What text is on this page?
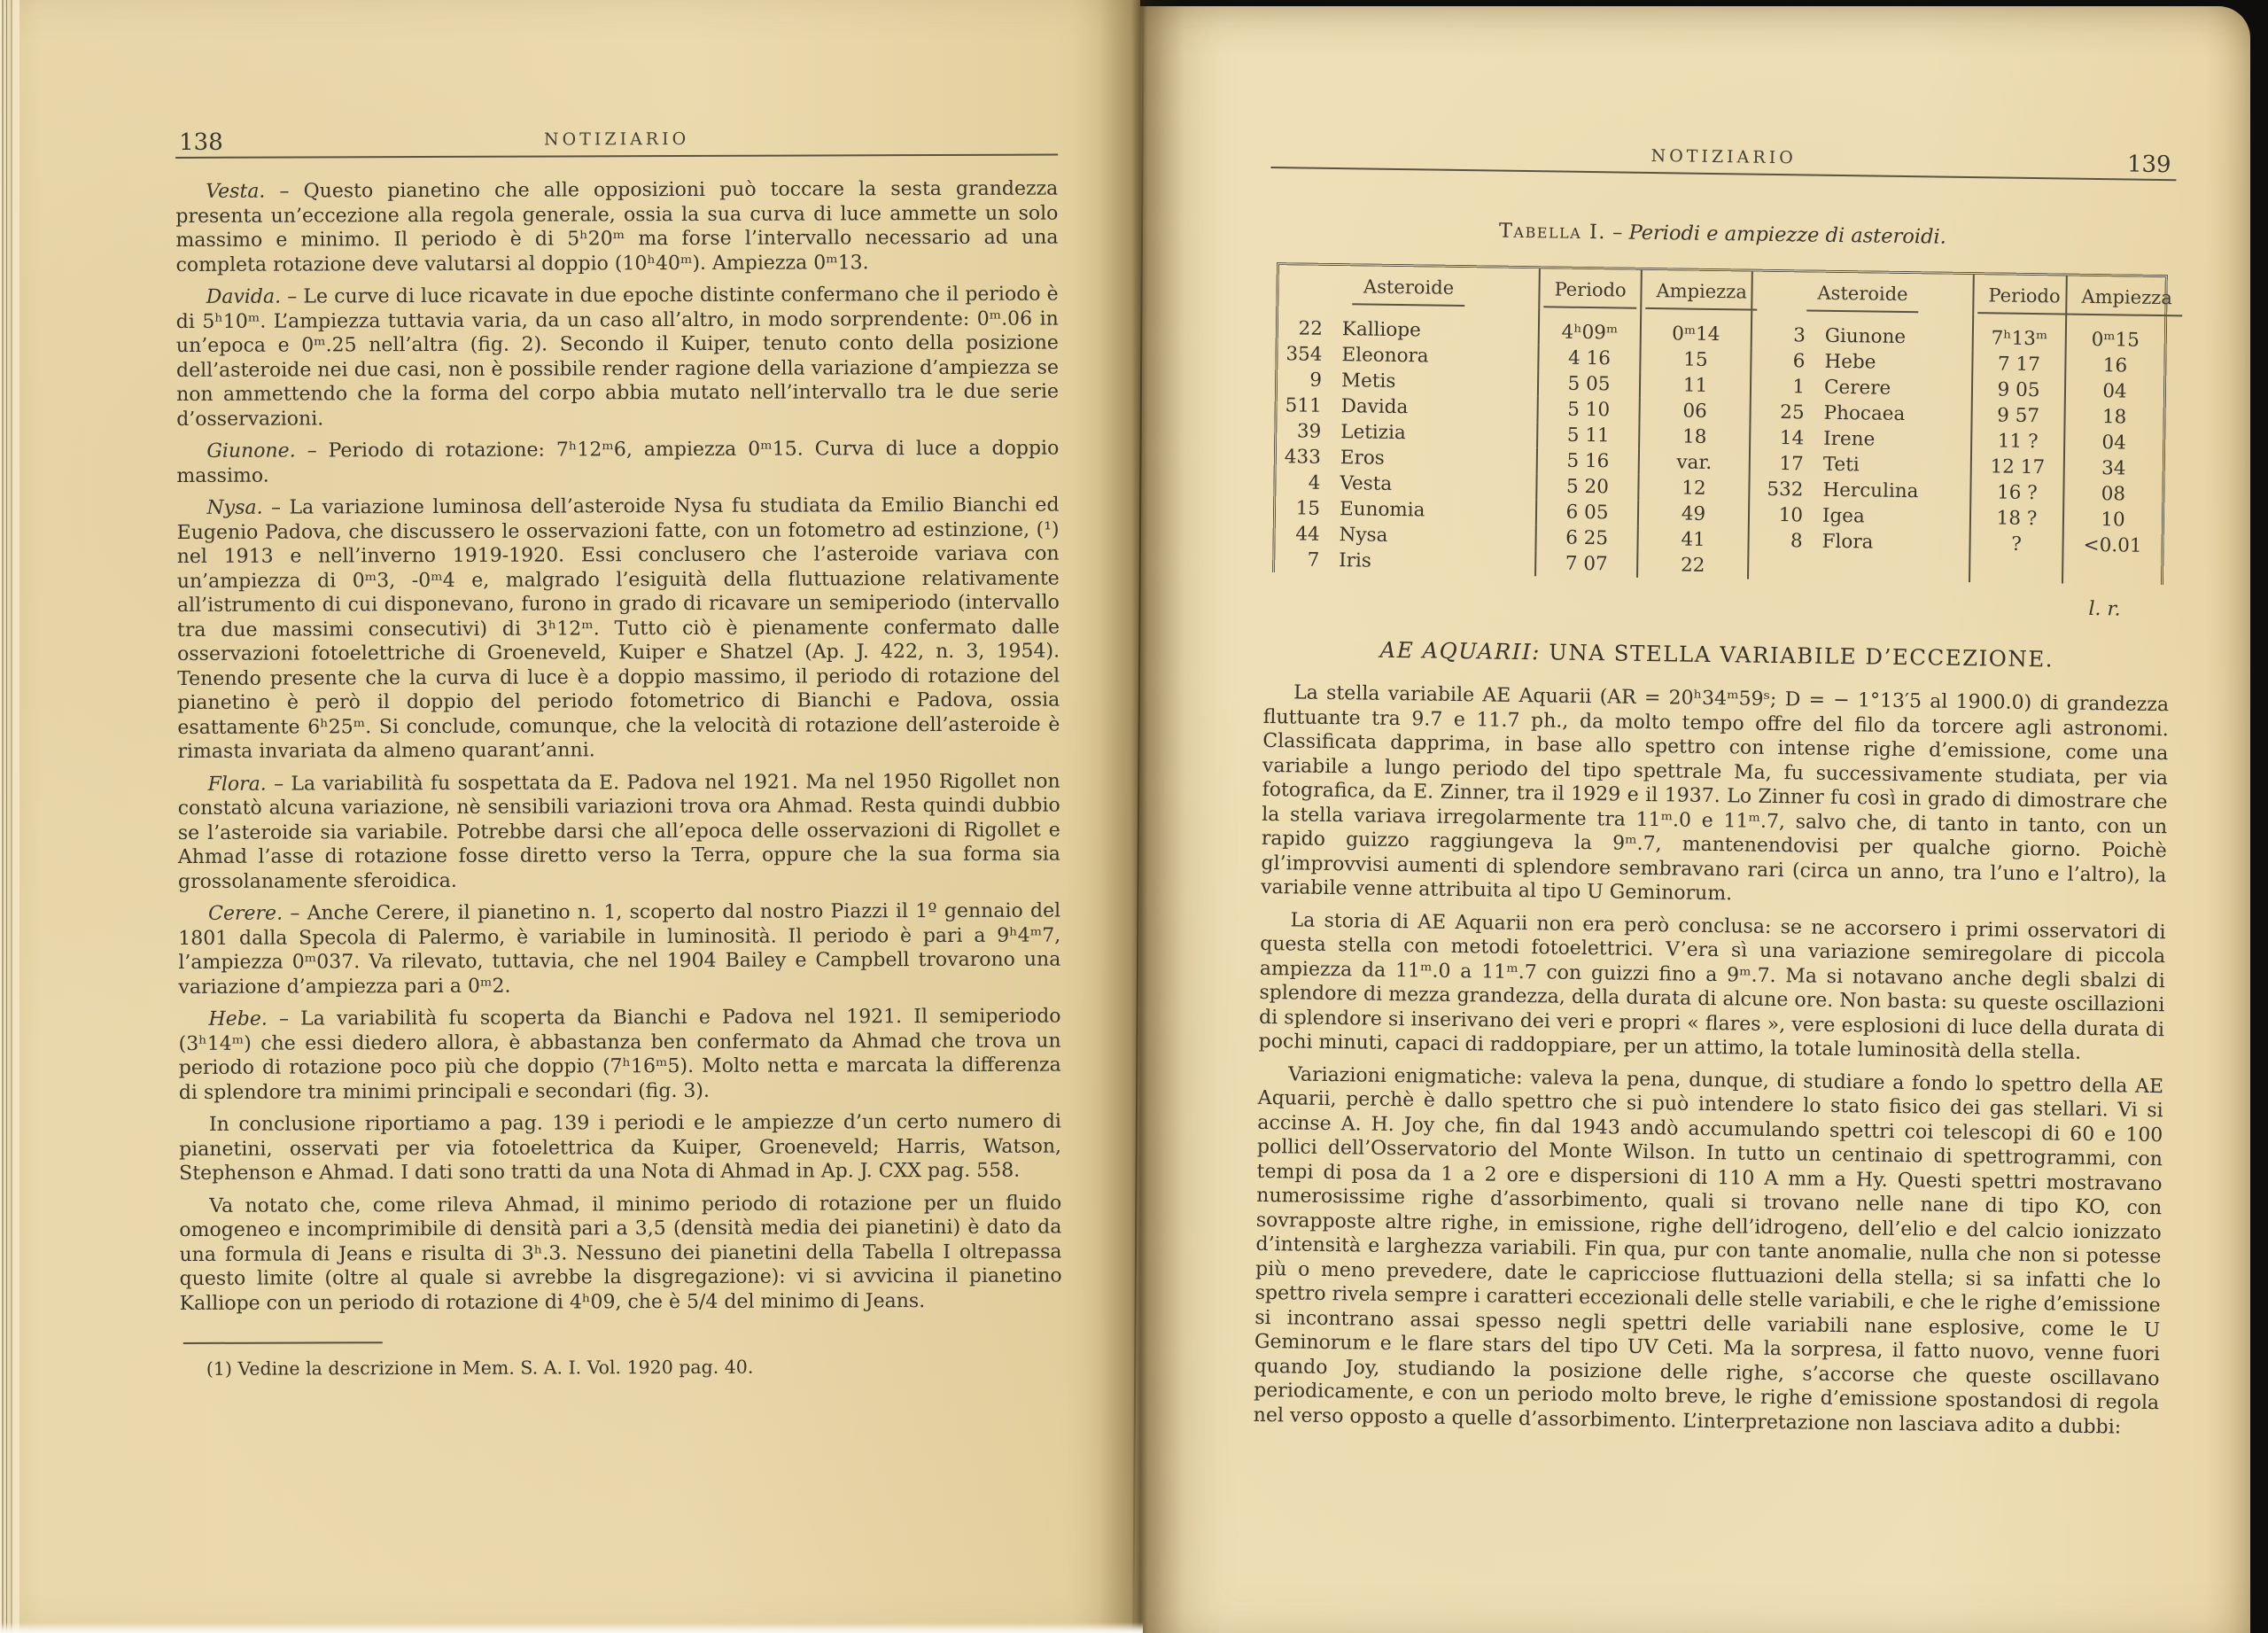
138	NOTIZIARIO

Vesta. – Questo pianetino che alle opposizioni può toccare la sesta grandezza presenta un’eccezione alla regola generale, ossia la sua curva di luce ammette un solo massimo e minimo. Il periodo è di 5ʰ20ᵐ ma forse l’intervallo necessario ad una completa rotazione deve valutarsi al doppio (10ʰ40ᵐ). Ampiezza 0ᵐ13.

Davida. – Le curve di luce ricavate in due epoche distinte confermano che il periodo è di 5ʰ10ᵐ. L’ampiezza tuttavia varia, da un caso all’altro, in modo sorprendente: 0ᵐ.06 in un’epoca e 0ᵐ.25 nell’altra (fig. 2). Secondo il Kuiper, tenuto conto della posizione dell’asteroide nei due casi, non è possibile render ragione della variazione d’ampiezza se non ammettendo che la forma del corpo abbia mutato nell’intervallo tra le due serie d’osservazioni.

Giunone. – Periodo di rotazione: 7ʰ12ᵐ6, ampiezza 0ᵐ15. Curva di luce a doppio massimo.

Nysa. – La variazione luminosa dell’asteroide Nysa fu studiata da Emilio Bianchi ed Eugenio Padova, che discussero le osservazioni fatte, con un fotometro ad estinzione, (¹) nel 1913 e nell’inverno 1919-1920. Essi conclusero che l’asteroide variava con un’ampiezza di 0ᵐ3, -0ᵐ4 e, malgrado l’esiguità della fluttuazione relativamente all’istrumento di cui disponevano, furono in grado di ricavare un semiperiodo (intervallo tra due massimi consecutivi) di 3ʰ12ᵐ. Tutto ciò è pienamente confermato dalle osservazioni fotoelettriche di Groeneveld, Kuiper e Shatzel (Ap. J. 422, n. 3, 1954). Tenendo presente che la curva di luce è a doppio massimo, il periodo di rotazione del pianetino è però il doppio del periodo fotometrico di Bianchi e Padova, ossia esattamente 6ʰ25ᵐ. Si conclude, comunque, che la velocità di rotazione dell’asteroide è rimasta invariata da almeno quarant’anni.

Flora. – La variabilità fu sospettata da E. Padova nel 1921. Ma nel 1950 Rigollet non constatò alcuna variazione, nè sensibili variazioni trova ora Ahmad. Resta quindi dubbio se l’asteroide sia variabile. Potrebbe darsi che all’epoca delle osservazioni di Rigollet e Ahmad l’asse di rotazione fosse diretto verso la Terra, oppure che la sua forma sia grossolanamente sferoidica.

Cerere. – Anche Cerere, il pianetino n. 1, scoperto dal nostro Piazzi il 1º gennaio del 1801 dalla Specola di Palermo, è variabile in luminosità. Il periodo è pari a 9ʰ4ᵐ7, l’ampiezza 0ᵐ037. Va rilevato, tuttavia, che nel 1904 Bailey e Campbell trovarono una variazione d’ampiezza pari a 0ᵐ2.

Hebe. – La variabilità fu scoperta da Bianchi e Padova nel 1921. Il semiperiodo (3ʰ14ᵐ) che essi diedero allora, è abbastanza ben confermato da Ahmad che trova un periodo di rotazione poco più che doppio (7ʰ16ᵐ5). Molto netta e marcata la differenza di splendore tra minimi principali e secondari (fig. 3).

In conclusione riportiamo a pag. 139 i periodi e le ampiezze d’un certo numero di pianetini, osservati per via fotoelettrica da Kuiper, Groeneveld; Harris, Watson, Stephenson e Ahmad. I dati sono tratti da una Nota di Ahmad in Ap. J. CXX pag. 558.

Va notato che, come rileva Ahmad, il minimo periodo di rotazione per un fluido omogeneo e incomprimibile di densità pari a 3,5 (densità media dei pianetini) è dato da una formula di Jeans e risulta di 3ʰ.3. Nessuno dei pianetini della Tabella I oltrepassa questo limite (oltre al quale si avrebbe la disgregazione): vi si avvicina il pianetino Kalliope con un periodo di rotazione di 4ʰ09, che è 5/4 del minimo di Jeans.

(1) Vedine la descrizione in Mem. S. A. I. Vol. 1920 pag. 40.

NOTIZIARIO	139
Tabella I. – Periodi e ampiezze di asteroidi.
Asteroide		Periodo	Ampiezza	Asteroide		Periodo	Ampiezza
22	Kalliope	4ʰ09ᵐ	0ᵐ14	3	Giunone	7ʰ13ᵐ	0ᵐ15
354	Eleonora	4 16	15	6	Hebe	7 17	16
9	Metis	5 05	11	1	Cerere	9 05	04
511	Davida	5 10	06	25	Phocaea	9 57	18
39	Letizia	5 11	18	14	Irene	11 ?	04
433	Eros	5 16	var.	17	Teti	12 17	34
4	Vesta	5 20	12	532	Herculina	16 ?	08
15	Eunomia	6 05	49	10	Igea	18 ?	10
44	Nysa	6 25	41	8	Flora	?	<0.01
7	Iris	7 07	22				
l. r.
AE AQUARII: UNA STELLA VARIABILE D’ECCEZIONE.

La stella variabile AE Aquarii (AR = 20ʰ34ᵐ59ˢ; D = − 1°13′5 al 1900.0) di grandezza fluttuante tra 9.7 e 11.7 ph., da molto tempo offre del filo da torcere agli astronomi. Classificata dapprima, in base allo spettro con intense righe d’emissione, come una variabile a lungo periodo del tipo spettrale Ma, fu successivamente studiata, per via fotografica, da E. Zinner, tra il 1929 e il 1937. Lo Zinner fu così in grado di dimostrare che la stella variava irregolarmente tra 11ᵐ.0 e 11ᵐ.7, salvo che, di tanto in tanto, con un rapido guizzo raggiungeva la 9ᵐ.7, mantenendovisi per qualche giorno. Poichè gl’improvvisi aumenti di splendore sembravano rari (circa un anno, tra l’uno e l’altro), la variabile venne attribuita al tipo U Geminorum.

La storia di AE Aquarii non era però conclusa: se ne accorsero i primi osservatori di questa stella con metodi fotoelettrici. V’era sì una variazione semiregolare di piccola ampiezza da 11ᵐ.0 a 11ᵐ.7 con guizzi fino a 9ᵐ.7. Ma si notavano anche degli sbalzi di splendore di mezza grandezza, della durata di alcune ore. Non basta: su queste oscillazioni di splendore si inserivano dei veri e propri « flares », vere esplosioni di luce della durata di pochi minuti, capaci di raddoppiare, per un attimo, la totale luminosità della stella.

Variazioni enigmatiche: valeva la pena, dunque, di studiare a fondo lo spettro della AE Aquarii, perchè è dallo spettro che si può intendere lo stato fisico dei gas stellari. Vi si accinse A. H. Joy che, fin dal 1943 andò accumulando spettri coi telescopi di 60 e 100 pollici dell’Osservatorio del Monte Wilson. In tutto un centinaio di spettrogrammi, con tempi di posa da 1 a 2 ore e dispersioni di 110 A mm a Hy. Questi spettri mostravano numerosissime righe d’assorbimento, quali si trovano nelle nane di tipo KO, con sovrapposte altre righe, in emissione, righe dell’idrogeno, dell’elio e del calcio ionizzato d’intensità e larghezza variabili. Fin qua, pur con tante anomalie, nulla che non si potesse più o meno prevedere, date le capricciose fluttuazioni della stella; si sa infatti che lo spettro rivela sempre i caratteri eccezionali delle stelle variabili, e che le righe d’emissione si incontrano assai spesso negli spettri delle variabili nane esplosive, come le U Geminorum e le flare stars del tipo UV Ceti. Ma la sorpresa, il fatto nuovo, venne fuori quando Joy, studiando la posizione delle righe, s’accorse che queste oscillavano periodicamente, e con un periodo molto breve, le righe d’emissione spostandosi di regola nel verso opposto a quelle d’assorbimento. L’interpretazione non lasciava adito a dubbi:
